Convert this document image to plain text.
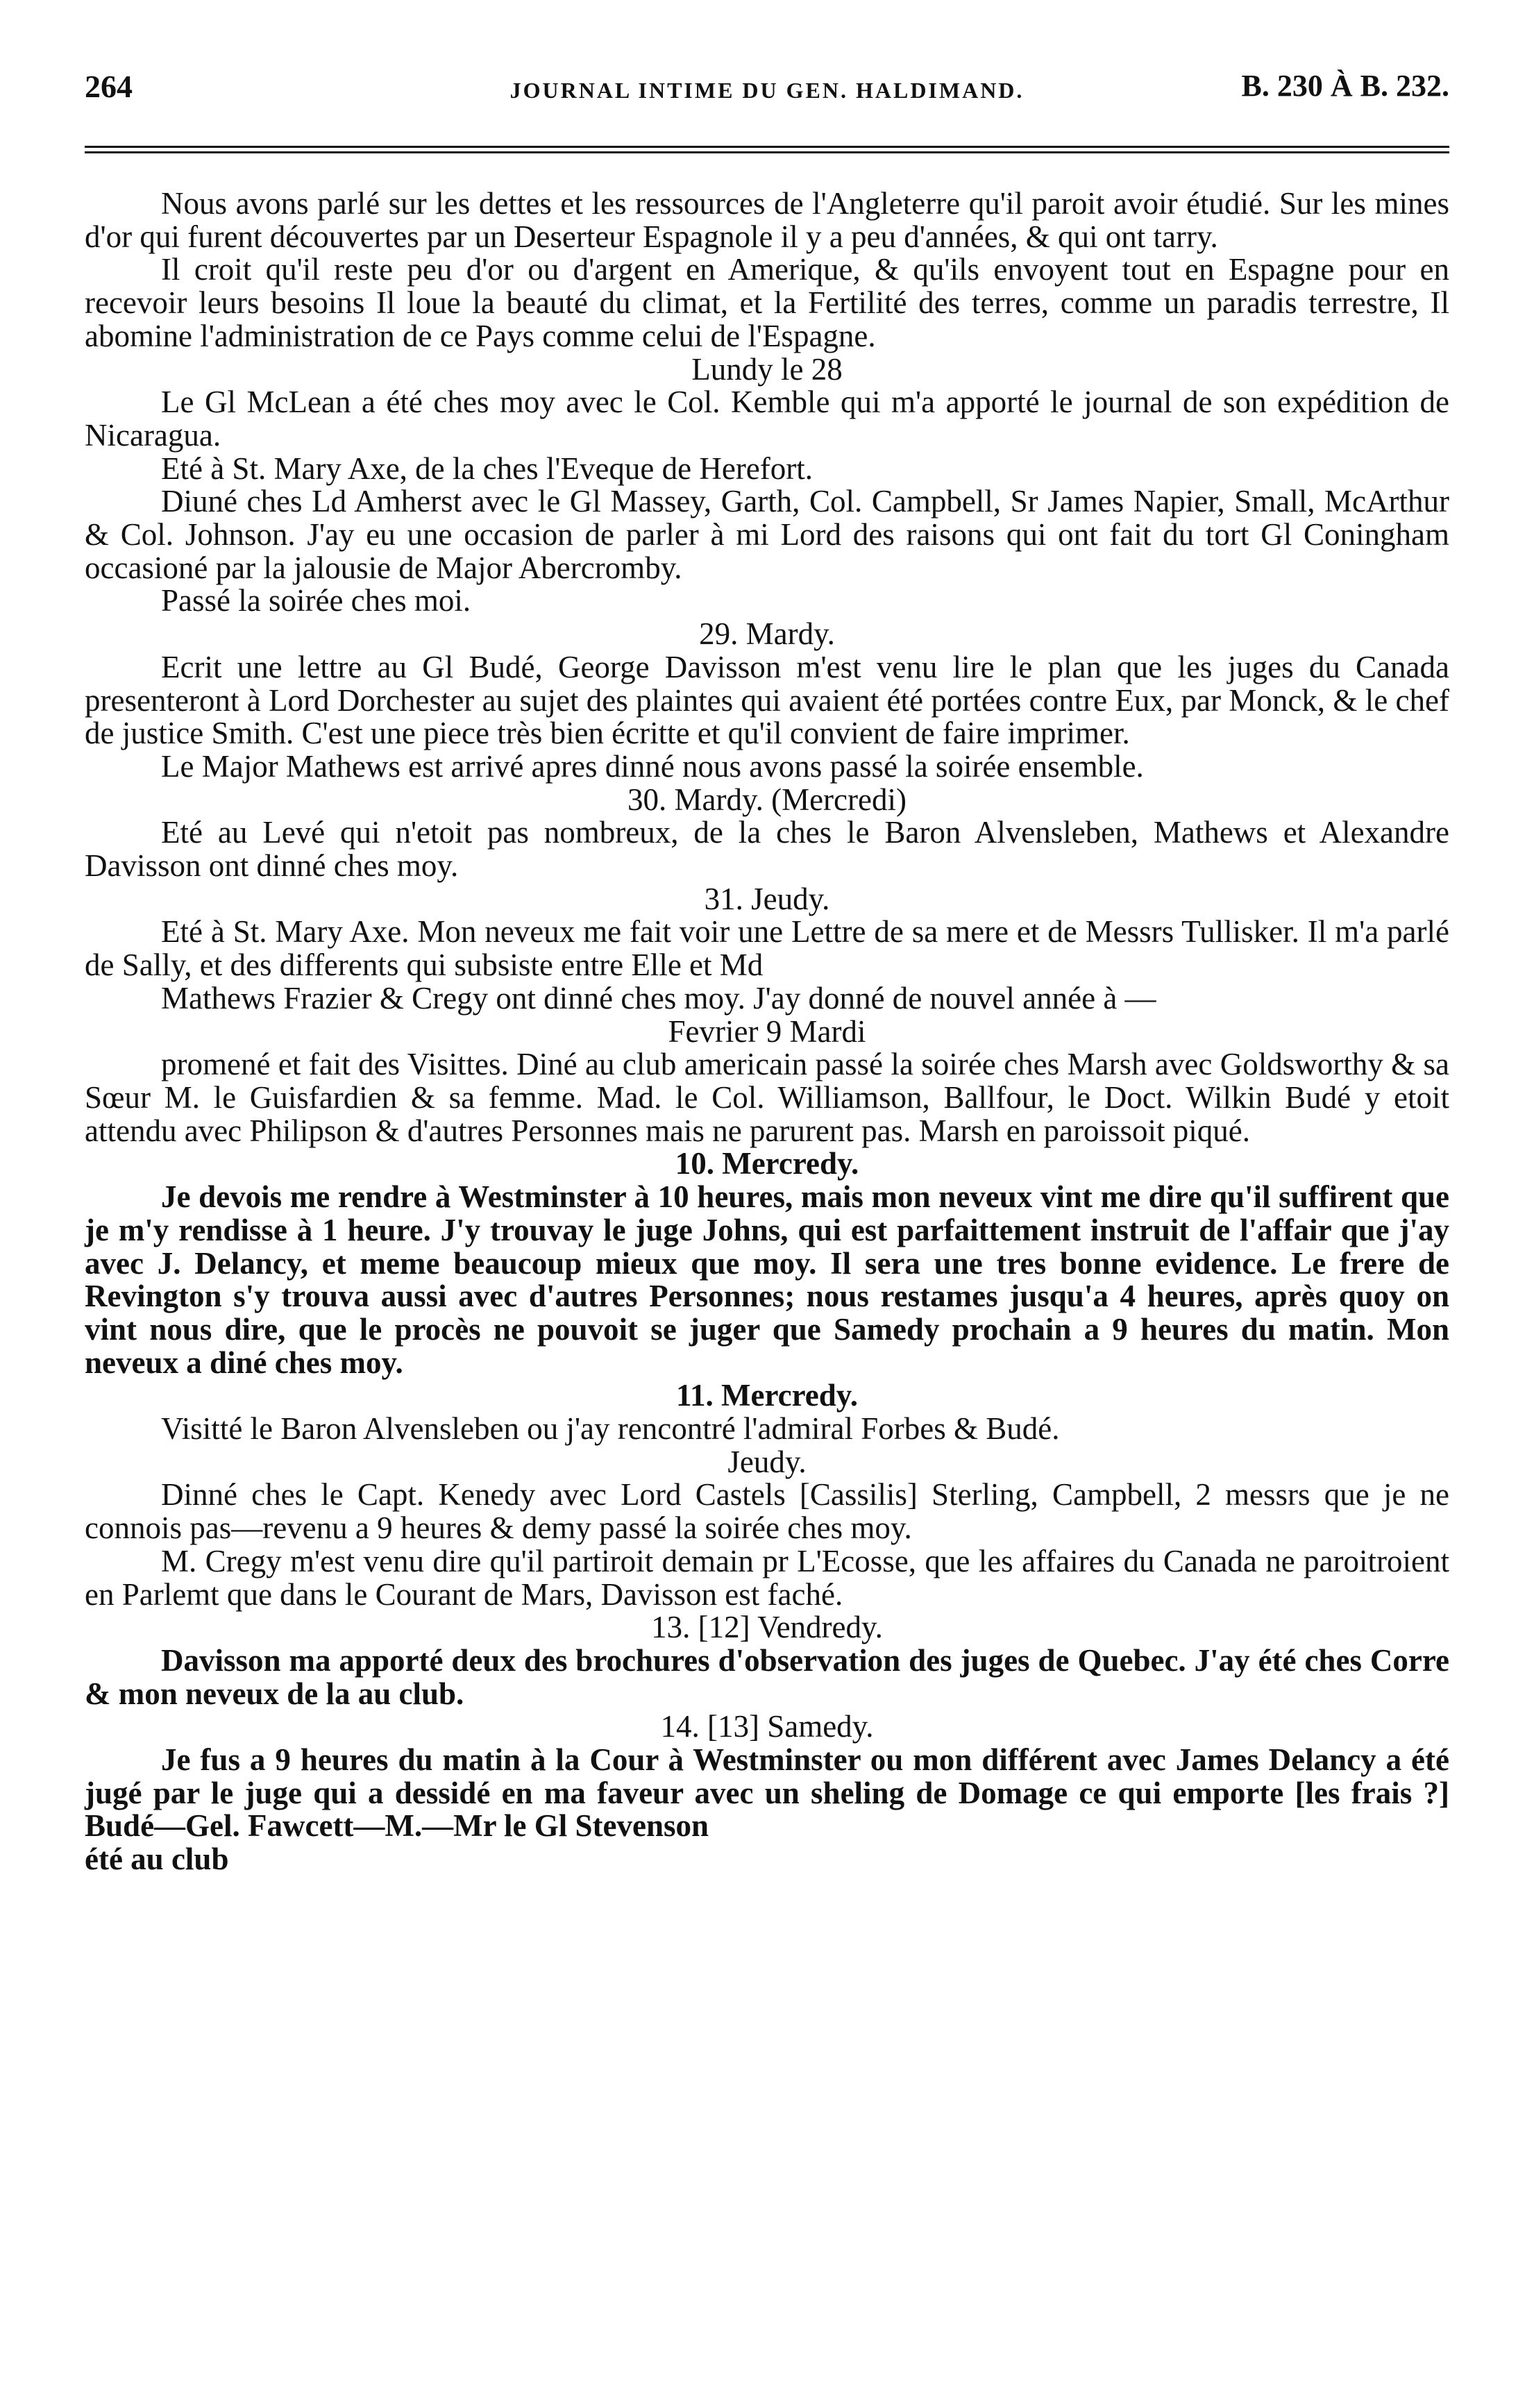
264	JOURNAL INTIME DU GEN. HALDIMAND.	B. 230 À B. 232.

Nous avons parlé sur les dettes et les ressources de l'Angleterre qu'il paroit avoir étudié. Sur les mines d'or qui furent découvertes par un Deserteur Espagnole il y a peu d'années, & qui ont tarry.

Il croit qu'il reste peu d'or ou d'argent en Amerique, & qu'ils envoyent tout en Espagne pour en recevoir leurs besoins Il loue la beauté du climat, et la Fertilité des terres, comme un paradis terrestre, Il abomine l'administration de ce Pays comme celui de l'Espagne.

Lundy le 28

Le Gl McLean a été ches moy avec le Col. Kemble qui m'a apporté le journal de son expédition de Nicaragua.

Eté à St. Mary Axe, de la ches l'Eveque de Herefort.

Diuné ches Ld Amherst avec le Gl Massey, Garth, Col. Campbell, Sr James Napier, Small, McArthur & Col. Johnson. J'ay eu une occasion de parler à mi Lord des raisons qui ont fait du tort Gl Coningham occasioné par la jalousie de Major Abercromby.

Passé la soirée ches moi.

29. Mardy.

Ecrit une lettre au Gl Budé, George Davisson m'est venu lire le plan que les juges du Canada presenteront à Lord Dorchester au sujet des plaintes qui avaient été portées contre Eux, par Monck, & le chef de justice Smith. C'est une piece très bien écritte et qu'il convient de faire imprimer.

Le Major Mathews est arrivé apres dinné nous avons passé la soirée ensemble.

30. Mardy. (Mercredi)

Eté au Levé qui n'etoit pas nombreux, de la ches le Baron Alvensleben, Mathews et Alexandre Davisson ont dinné ches moy.

31. Jeudy.

Eté à St. Mary Axe. Mon neveux me fait voir une Lettre de sa mere et de Messrs Tullisker. Il m'a parlé de Sally, et des differents qui subsiste entre Elle et Md

Mathews Frazier & Cregy ont dinné ches moy. J'ay donné de nouvel année à —

Fevrier 9 Mardi

promené et fait des Visittes. Diné au club americain passé la soirée ches Marsh avec Goldsworthy & sa Sœur M. le Guisfardien & sa femme. Mad. le Col. Williamson, Ballfour, le Doct. Wilkin Budé y etoit attendu avec Philipson & d'autres Personnes mais ne parurent pas. Marsh en paroissoit piqué.

10. Mercredy.

Je devois me rendre à Westminster à 10 heures, mais mon neveux vint me dire qu'il suffirent que je m'y rendisse à 1 heure. J'y trouvay le juge Johns, qui est parfaittement instruit de l'affair que j'ay avec J. Delancy, et meme beaucoup mieux que moy. Il sera une tres bonne evidence. Le frere de Revington s'y trouva aussi avec d'autres Personnes; nous restames jusqu'a 4 heures, après quoy on vint nous dire, que le procès ne pouvoit se juger que Samedy prochain a 9 heures du matin. Mon neveux a diné ches moy.

11. Mercredy.

Visitté le Baron Alvensleben ou j'ay rencontré l'admiral Forbes & Budé.

Jeudy.

Dinné ches le Capt. Kenedy avec Lord Castels [Cassilis] Sterling, Campbell, 2 messrs que je ne connois pas—revenu a 9 heures & demy passé la soirée ches moy.

M. Cregy m'est venu dire qu'il partiroit demain pr L'Ecosse, que les affaires du Canada ne paroitroient en Parlemt que dans le Courant de Mars, Davisson est faché.

13. [12] Vendredy.

Davisson ma apporté deux des brochures d'observation des juges de Quebec. J'ay été ches Corre & mon neveux de la au club.

14. [13] Samedy.

Je fus a 9 heures du matin à la Cour à Westminster ou mon différent avec James Delancy a été jugé par le juge qui a dessidé en ma faveur avec un sheling de Domage ce qui emporte [les frais ?] Budé—Gel. Fawcett—M.—Mr le Gl Stevenson

été au club
